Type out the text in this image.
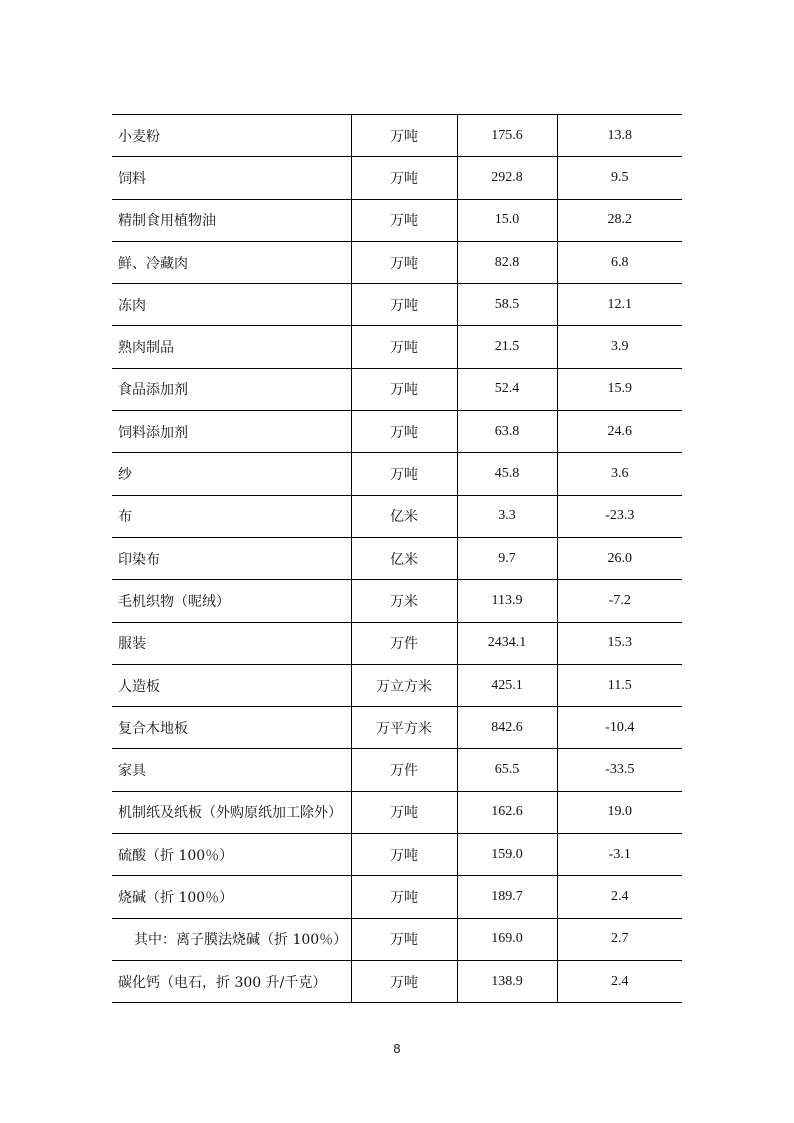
小麦粉	万吨	175.6	13.8
饲料	万吨	292.8	9.5
精制食用植物油	万吨	15.0	28.2
鲜、冷藏肉	万吨	82.8	6.8
冻肉	万吨	58.5	12.1
熟肉制品	万吨	21.5	3.9
食品添加剂	万吨	52.4	15.9
饲料添加剂	万吨	63.8	24.6
纱	万吨	45.8	3.6
布	亿米	3.3	-23.3
印染布	亿米	9.7	26.0
毛机织物（呢绒）	万米	113.9	-7.2
服装	万件	2434.1	15.3
人造板	万立方米	425.1	11.5
复合木地板	万平方米	842.6	-10.4
家具	万件	65.5	-33.5
机制纸及纸板（外购原纸加工除外）	万吨	162.6	19.0
硫酸（折 100％）	万吨	159.0	-3.1
烧碱（折 100％）	万吨	189.7	2.4
其中：离子膜法烧碱（折 100％）	万吨	169.0	2.7
碳化钙（电石，折 300 升/千克）	万吨	138.9	2.4
8
